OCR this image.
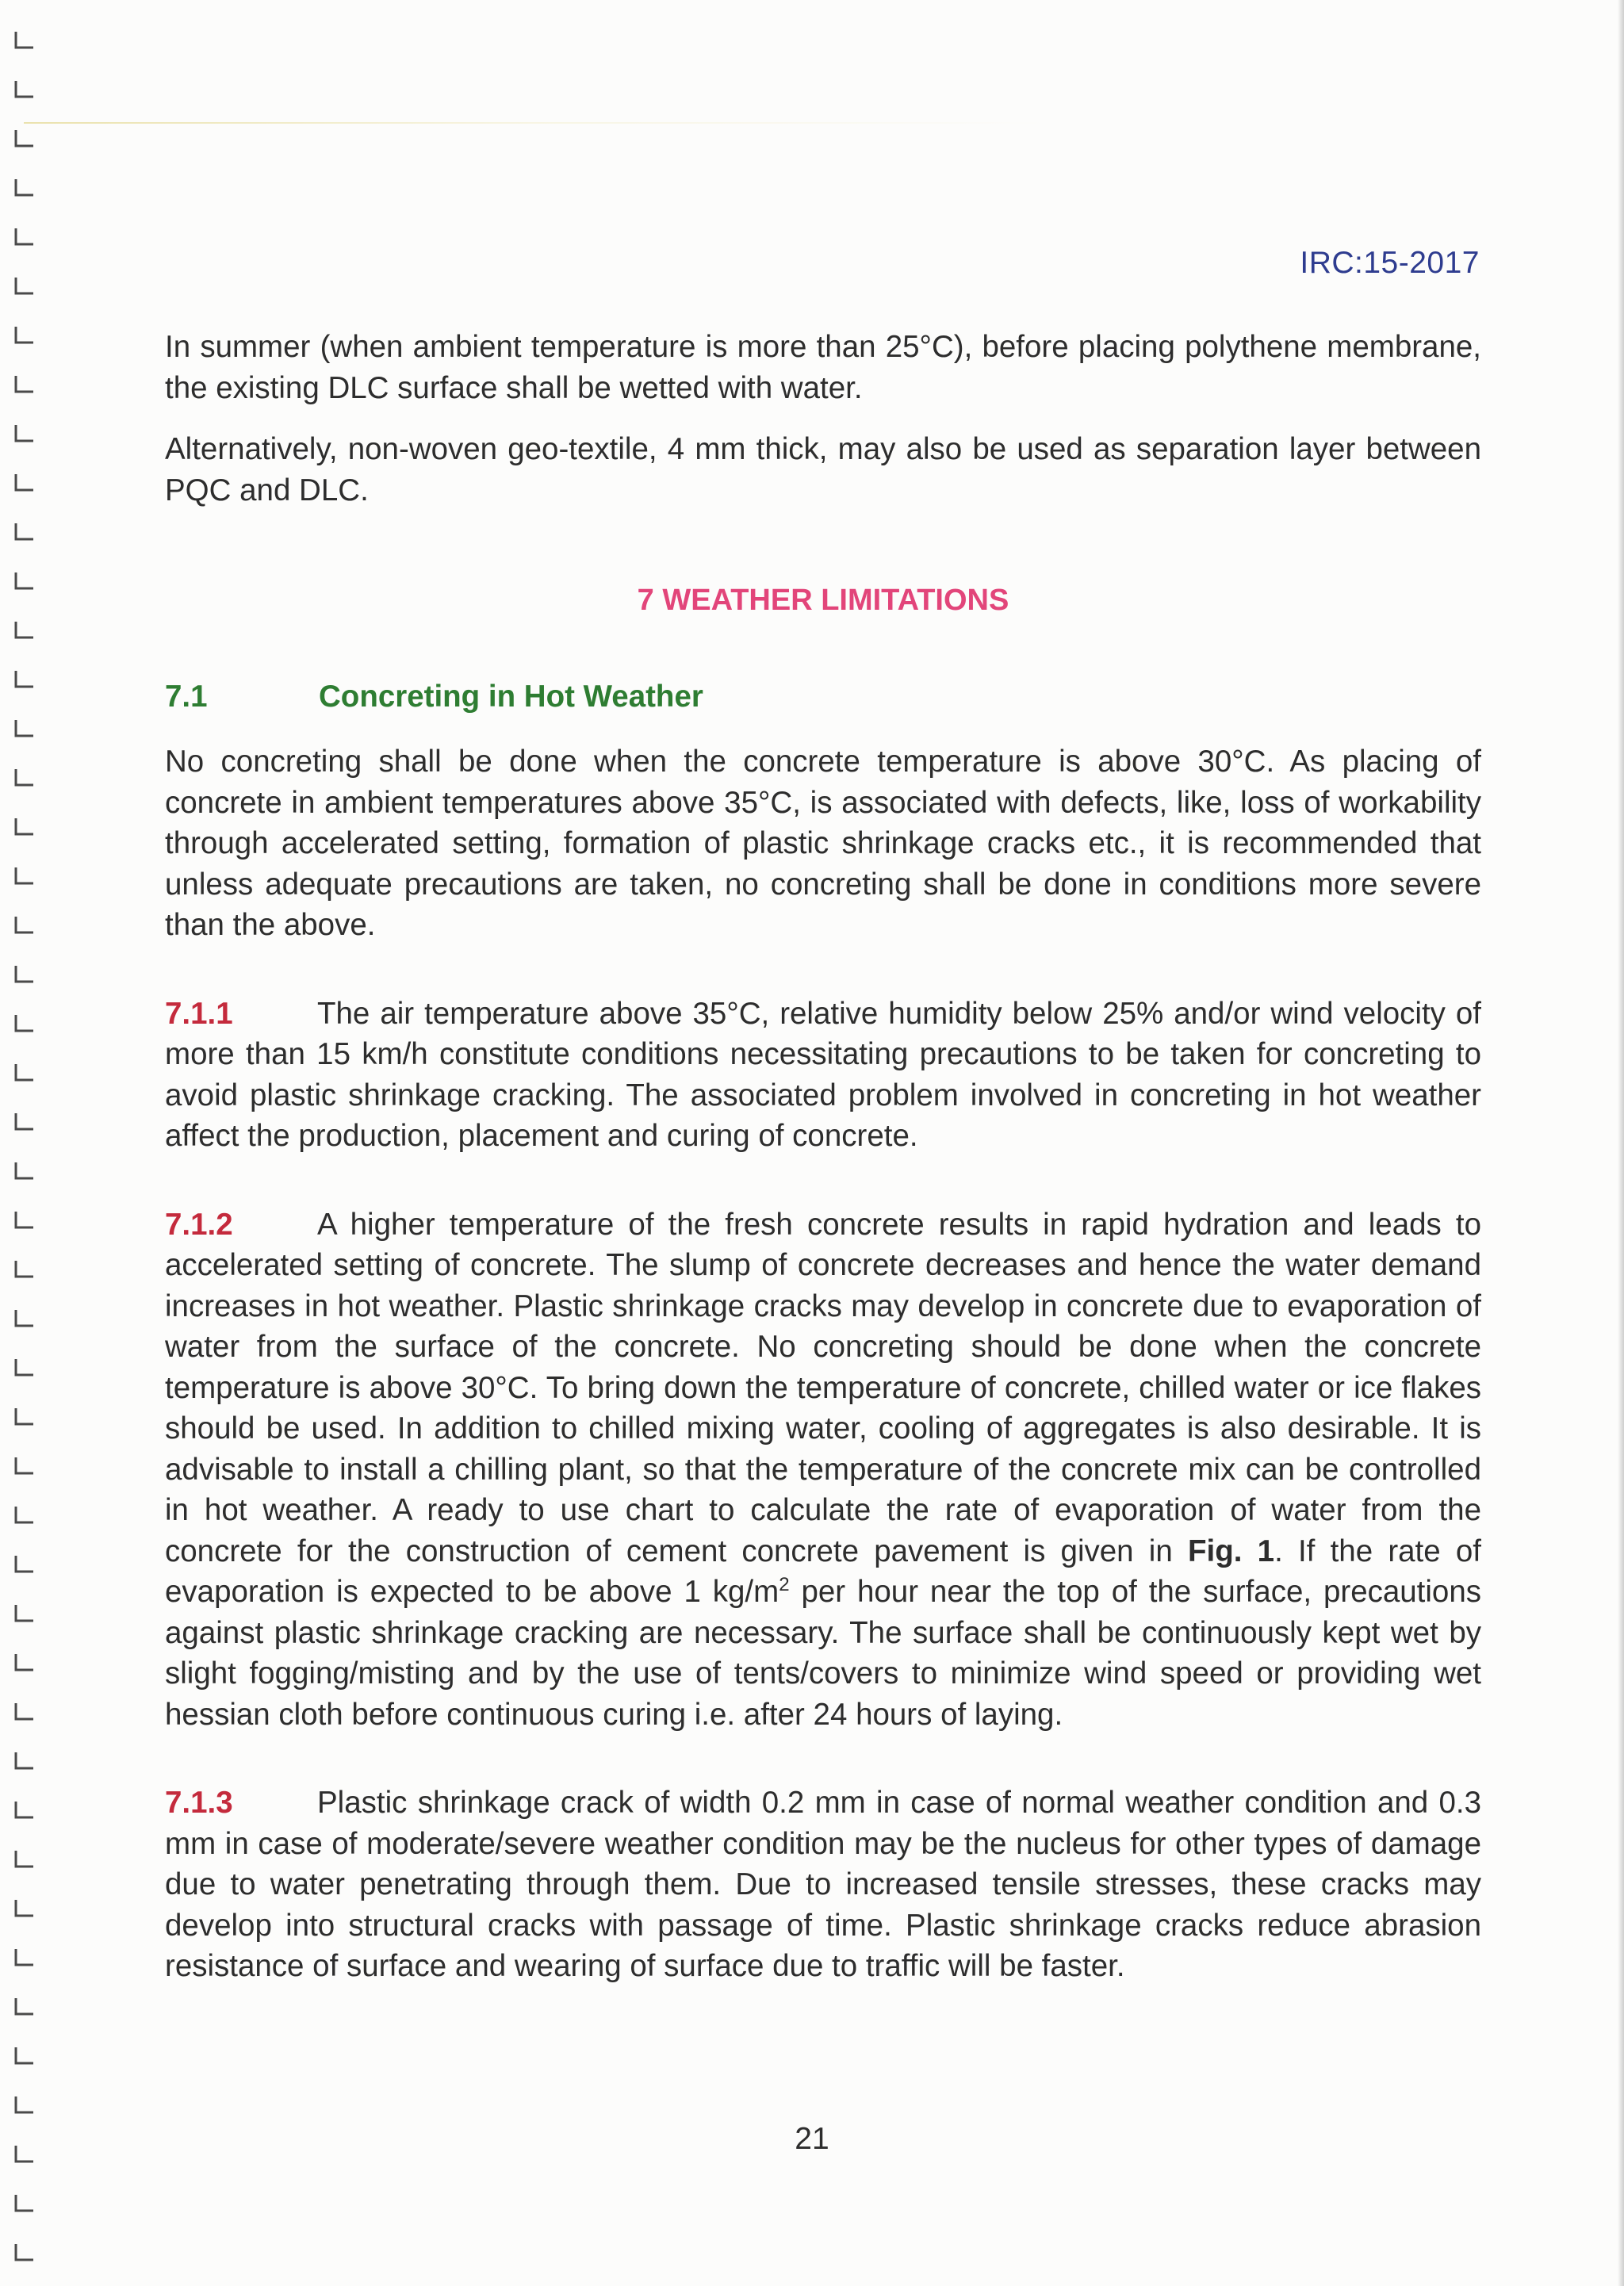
IRC:15-2017

In summer (when ambient temperature is more than 25°C), before placing polythene membrane, the existing DLC surface shall be wetted with water.

Alternatively, non-woven geo-textile, 4 mm thick, may also be used as separation layer between PQC and DLC.

7 WEATHER LIMITATIONS
7.1	Concreting in Hot Weather

No concreting shall be done when the concrete temperature is above 30°C. As placing of concrete in ambient temperatures above 35°C, is associated with defects, like, loss of workability through accelerated setting, formation of plastic shrinkage cracks etc., it is recommended that unless adequate precautions are taken, no concreting shall be done in conditions more severe than the above.

7.1.1	The air temperature above 35°C, relative humidity below 25% and/or wind velocity of more than 15 km/h constitute conditions necessitating precautions to be taken for concreting to avoid plastic shrinkage cracking. The associated problem involved in concreting in hot weather affect the production, placement and curing of concrete.

7.1.2	A higher temperature of the fresh concrete results in rapid hydration and leads to accelerated setting of concrete. The slump of concrete decreases and hence the water demand increases in hot weather. Plastic shrinkage cracks may develop in concrete due to evaporation of water from the surface of the concrete. No concreting should be done when the concrete temperature is above 30°C. To bring down the temperature of concrete, chilled water or ice flakes should be used. In addition to chilled mixing water, cooling of aggregates is also desirable. It is advisable to install a chilling plant, so that the temperature of the concrete mix can be controlled in hot weather. A ready to use chart to calculate the rate of evaporation of water from the concrete for the construction of cement concrete pavement is given in Fig. 1. If the rate of evaporation is expected to be above 1 $kg/m^2$ per hour near the top of the surface, precautions against plastic shrinkage cracking are necessary. The surface shall be continuously kept wet by slight fogging/misting and by the use of tents/covers to minimize wind speed or providing wet hessian cloth before continuous curing i.e. after 24 hours of laying.

7.1.3	Plastic shrinkage crack of width 0.2 mm in case of normal weather condition and 0.3 mm in case of moderate/severe weather condition may be the nucleus for other types of damage due to water penetrating through them. Due to increased tensile stresses, these cracks may develop into structural cracks with passage of time. Plastic shrinkage cracks reduce abrasion resistance of surface and wearing of surface due to traffic will be faster.

21
